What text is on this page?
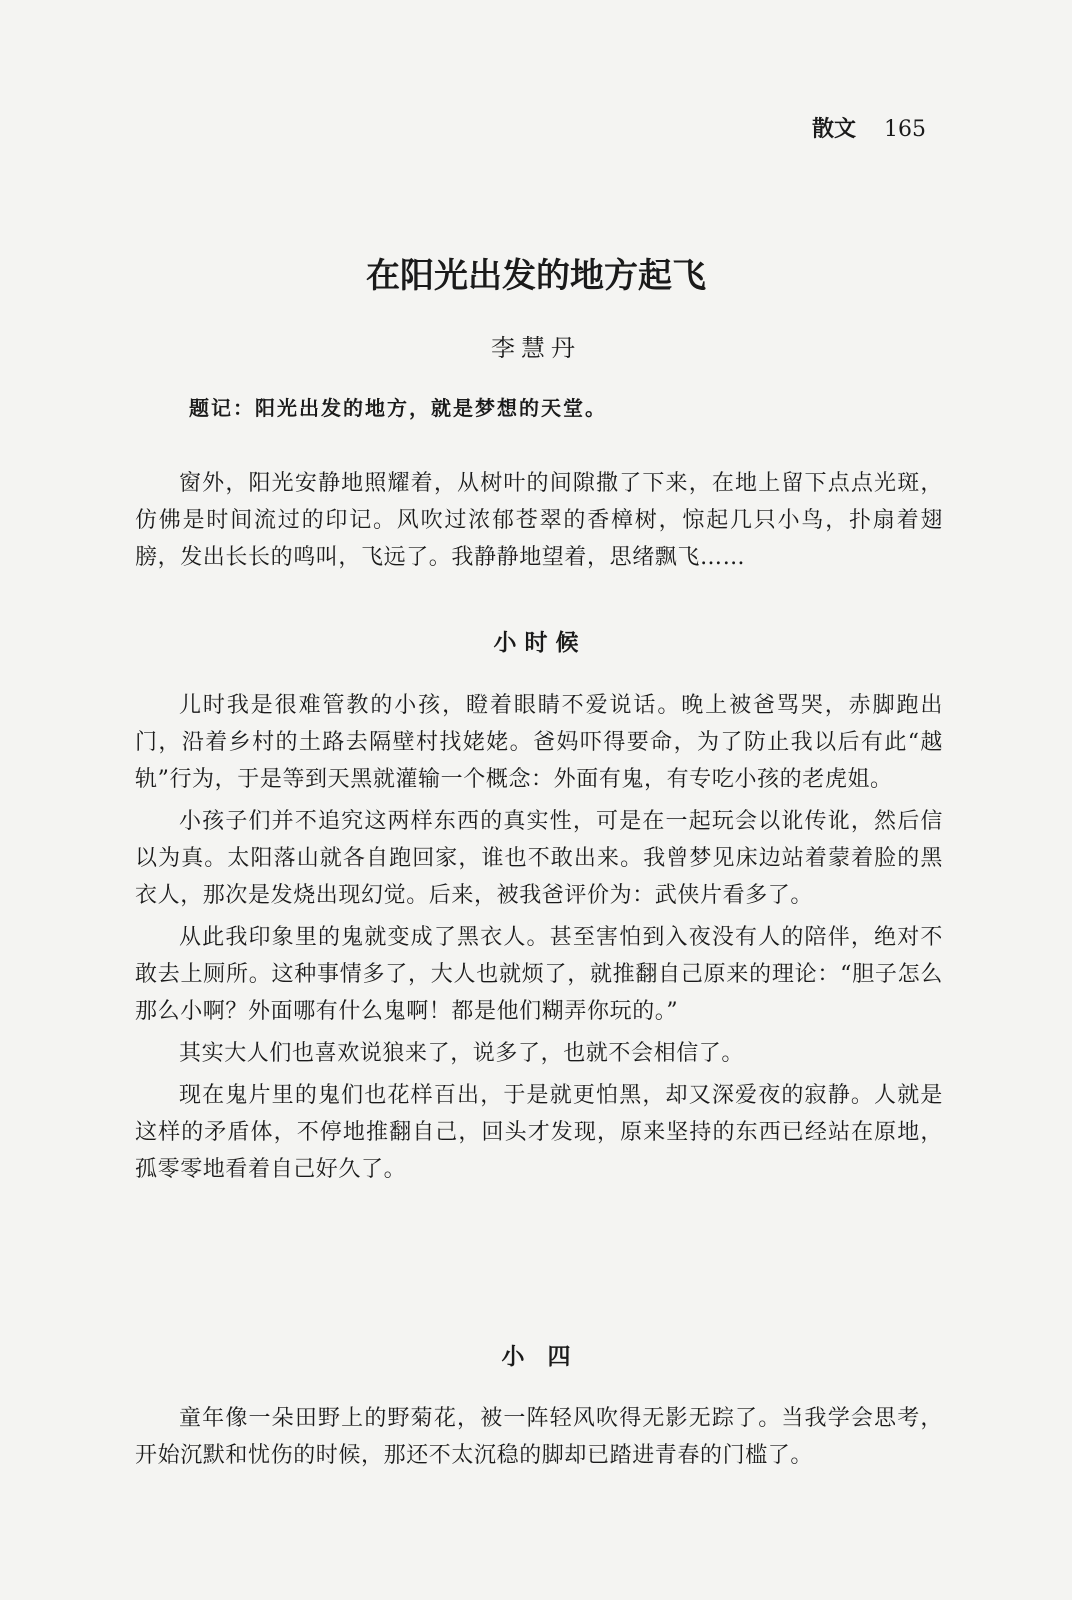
散文 165
在阳光出发的地方起飞
李慧丹
题记：阳光出发的地方，就是梦想的天堂。

窗外，阳光安静地照耀着，从树叶的间隙撒了下来，在地上留下点点光斑，仿佛是时间流过的印记。风吹过浓郁苍翠的香樟树，惊起几只小鸟，扑扇着翅膀，发出长长的鸣叫，飞远了。我静静地望着，思绪飘飞……

小 时 候

儿时我是很难管教的小孩，瞪着眼睛不爱说话。晚上被爸骂哭，赤脚跑出门，沿着乡村的土路去隔壁村找姥姥。爸妈吓得要命，为了防止我以后有此“越轨”行为，于是等到天黑就灌输一个概念：外面有鬼，有专吃小孩的老虎姐。

小孩子们并不追究这两样东西的真实性，可是在一起玩会以讹传讹，然后信以为真。太阳落山就各自跑回家，谁也不敢出来。我曾梦见床边站着蒙着脸的黑衣人，那次是发烧出现幻觉。后来，被我爸评价为：武侠片看多了。

从此我印象里的鬼就变成了黑衣人。甚至害怕到入夜没有人的陪伴，绝对不敢去上厕所。这种事情多了，大人也就烦了，就推翻自己原来的理论：“胆子怎么那么小啊？外面哪有什么鬼啊！都是他们糊弄你玩的。”

其实大人们也喜欢说狼来了，说多了，也就不会相信了。

现在鬼片里的鬼们也花样百出，于是就更怕黑，却又深爱夜的寂静。人就是这样的矛盾体，不停地推翻自己，回头才发现，原来坚持的东西已经站在原地，孤零零地看着自己好久了。

小　四

童年像一朵田野上的野菊花，被一阵轻风吹得无影无踪了。当我学会思考，开始沉默和忧伤的时候，那还不太沉稳的脚却已踏进青春的门槛了。
